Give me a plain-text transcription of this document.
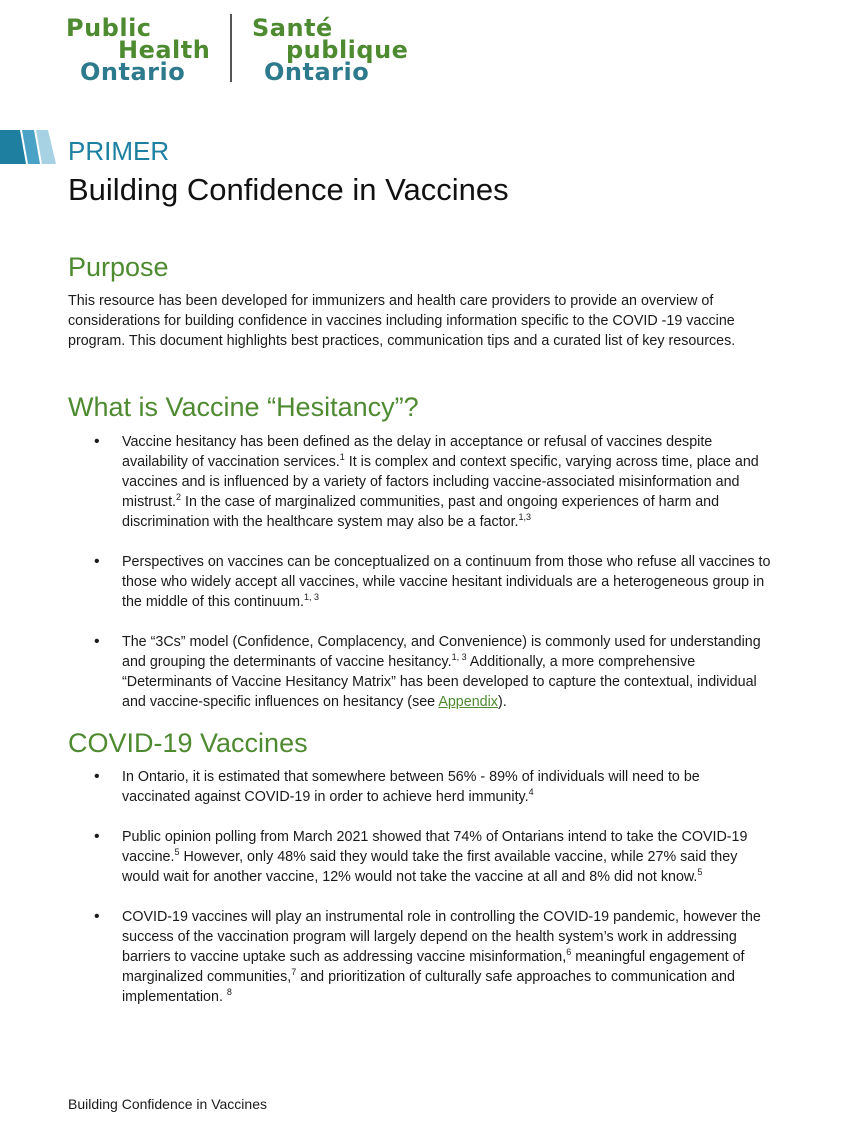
Public
Health
Ontario
Santé
publique
Ontario
PRIMER
Building Confidence in Vaccines
Purpose

This resource has been developed for immunizers and health care providers to provide an overview of considerations for building confidence in vaccines including information specific to the COVID -19 vaccine program. This document highlights best practices, communication tips and a curated list of key resources.

What is Vaccine “Hesitancy”?
• Vaccine hesitancy has been defined as the delay in acceptance or refusal of vaccines despite availability of vaccination services.$^1$ It is complex and context specific, varying across time, place and vaccines and is influenced by a variety of factors including vaccine-associated misinformation and mistrust.$^2$ In the case of marginalized communities, past and ongoing experiences of harm and discrimination with the healthcare system may also be a factor.$^{1,3}$
• Perspectives on vaccines can be conceptualized on a continuum from those who refuse all vaccines to those who widely accept all vaccines, while vaccine hesitant individuals are a heterogeneous group in the middle of this continuum.$^{1, 3}$
• The “3Cs” model (Confidence, Complacency, and Convenience) is commonly used for understanding and grouping the determinants of vaccine hesitancy.$^{1, 3}$ Additionally, a more comprehensive “Determinants of Vaccine Hesitancy Matrix” has been developed to capture the contextual, individual and vaccine-specific influences on hesitancy (see Appendix).
COVID-19 Vaccines
• In Ontario, it is estimated that somewhere between 56% - 89% of individuals will need to be vaccinated against COVID-19 in order to achieve herd immunity.$^4$
• Public opinion polling from March 2021 showed that 74% of Ontarians intend to take the COVID-19 vaccine.$^5$ However, only 48% said they would take the first available vaccine, while 27% said they would wait for another vaccine, 12% would not take the vaccine at all and 8% did not know.$^5$
• COVID-19 vaccines will play an instrumental role in controlling the COVID-19 pandemic, however the success of the vaccination program will largely depend on the health system’s work in addressing barriers to vaccine uptake such as addressing vaccine misinformation,$^6$ meaningful engagement of marginalized communities,$^7$ and prioritization of culturally safe approaches to communication and implementation. $^8$

Building Confidence in Vaccines
